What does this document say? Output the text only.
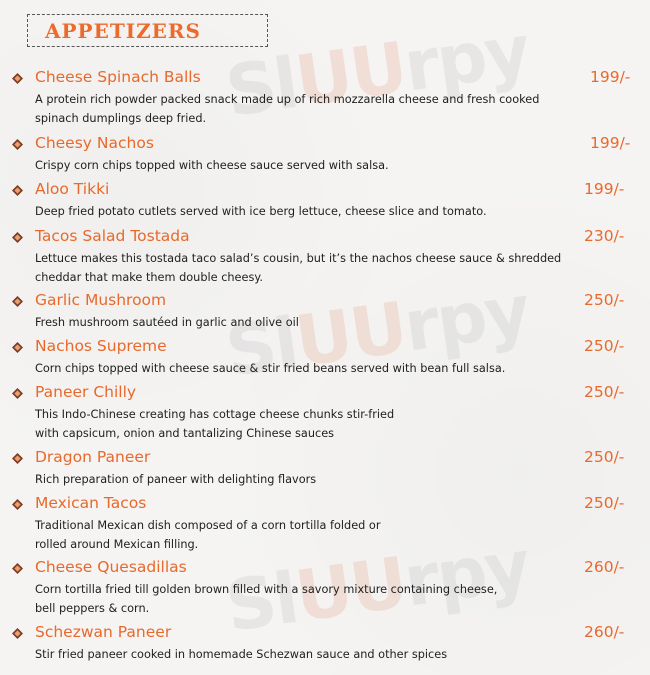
SlUUrpy
SlUUrpy
SlUUrpy
APPETIZERS
Cheese Spinach Balls	199/-
A protein rich powder packed snack made up of rich mozzarella cheese and fresh cooked
spinach dumplings deep fried.
Cheesy Nachos	199/-
Crispy corn chips topped with cheese sauce served with salsa.
Aloo Tikki	199/-
Deep fried potato cutlets served with ice berg lettuce, cheese slice and tomato.
Tacos Salad Tostada	230/-
Lettuce makes this tostada taco salad’s cousin, but it’s the nachos cheese sauce & shredded
cheddar that make them double cheesy.
Garlic Mushroom	250/-
Fresh mushroom sautéed in garlic and olive oil
Nachos Supreme	250/-
Corn chips topped with cheese sauce & stir fried beans served with bean full salsa.
Paneer Chilly	250/-
This Indo-Chinese creating has cottage cheese chunks stir-fried
with capsicum, onion and tantalizing Chinese sauces
Dragon Paneer	250/-
Rich preparation of paneer with delighting flavors
Mexican Tacos	250/-
Traditional Mexican dish composed of a corn tortilla folded or
rolled around Mexican filling.
Cheese Quesadillas	260/-
Corn tortilla fried till golden brown filled with a savory mixture containing cheese,
bell peppers & corn.
Schezwan Paneer	260/-
Stir fried paneer cooked in homemade Schezwan sauce and other spices
